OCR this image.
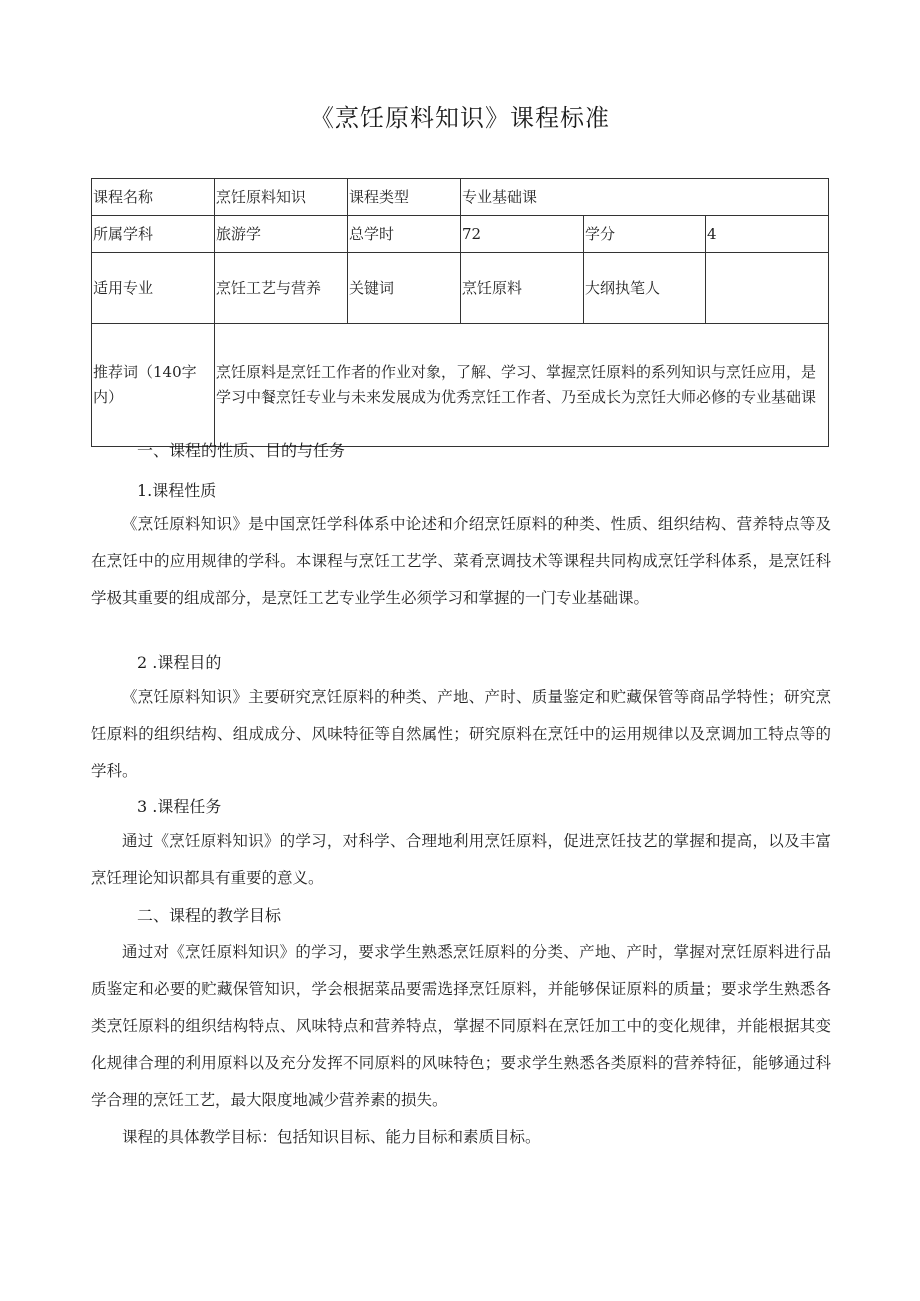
《烹饪原料知识》课程标准
课程名称	烹饪原料知识	课程类型	专业基础课		
所属学科	旅游学	总学时	72	学分	4
适用专业	烹饪工艺与营养	关键词	烹饪原料	大纲执笔人	
推荐词（140字内）	烹饪原料是烹饪工作者的作业对象，了解、学习、掌握烹饪原料的系列知识与烹饪应用，是学习中餐烹饪专业与未来发展成为优秀烹饪工作者、乃至成长为烹饪大师必修的专业基础课				
一、课程的性质、目的与任务
1.课程性质

《烹饪原料知识》是中国烹饪学科体系中论述和介绍烹饪原料的种类、性质、组织结构、营养特点等及在烹饪中的应用规律的学科。本课程与烹饪工艺学、菜肴烹调技术等课程共同构成烹饪学科体系，是烹饪科学极其重要的组成部分，是烹饪工艺专业学生必须学习和掌握的一门专业基础课。

2 .课程目的

《烹饪原料知识》主要研究烹饪原料的种类、产地、产时、质量鉴定和贮藏保管等商品学特性；研究烹饪原料的组织结构、组成成分、风味特征等自然属性；研究原料在烹饪中的运用规律以及烹调加工特点等的学科。

3 .课程任务

通过《烹饪原料知识》的学习，对科学、合理地利用烹饪原料，促进烹饪技艺的掌握和提高，以及丰富烹饪理论知识都具有重要的意义。

二、课程的教学目标

通过对《烹饪原料知识》的学习，要求学生熟悉烹饪原料的分类、产地、产时，掌握对烹饪原料进行品质鉴定和必要的贮藏保管知识，学会根据菜品要需选择烹饪原料，并能够保证原料的质量；要求学生熟悉各类烹饪原料的组织结构特点、风味特点和营养特点，掌握不同原料在烹饪加工中的变化规律，并能根据其变化规律合理的利用原料以及充分发挥不同原料的风味特色；要求学生熟悉各类原料的营养特征，能够通过科学合理的烹饪工艺，最大限度地减少营养素的损失。

课程的具体教学目标：包括知识目标、能力目标和素质目标。
